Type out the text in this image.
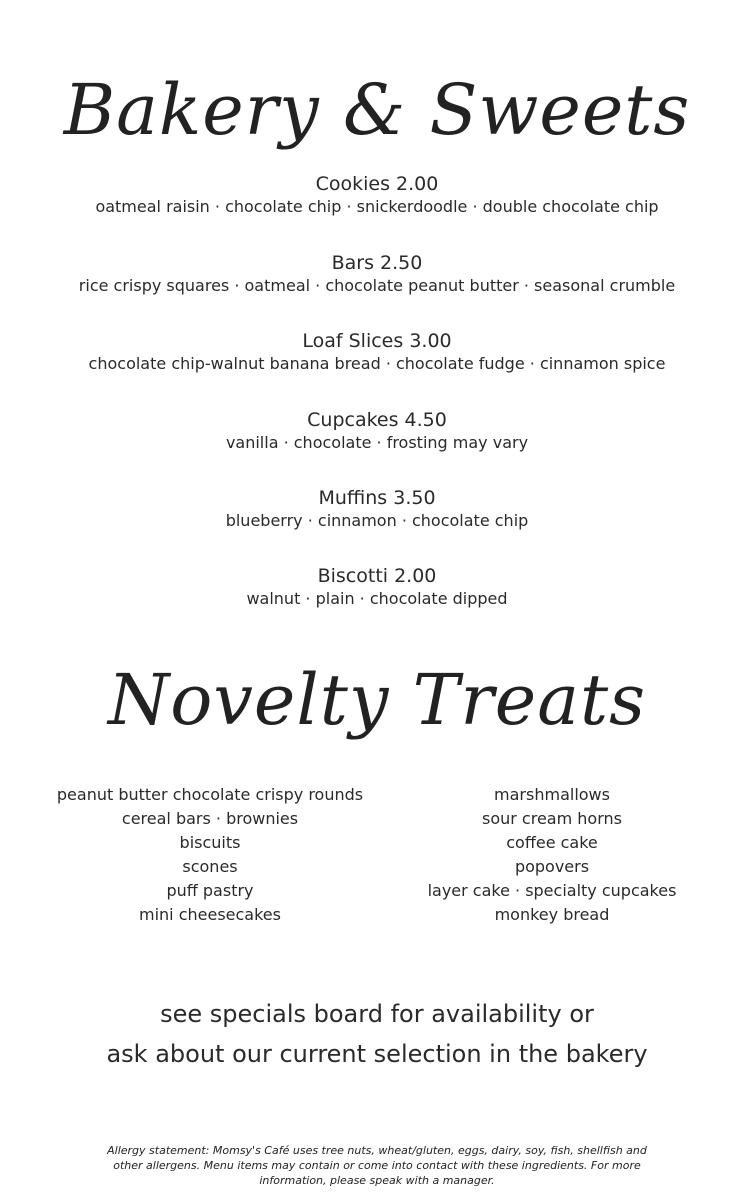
Bakery & Sweets
Cookies 2.00
oatmeal raisin · chocolate chip · snickerdoodle · double chocolate chip
Bars 2.50
rice crispy squares · oatmeal · chocolate peanut butter · seasonal crumble
Loaf Slices 3.00
chocolate chip-walnut banana bread · chocolate fudge · cinnamon spice
Cupcakes 4.50
vanilla · chocolate · frosting may vary
Muffins 3.50
blueberry · cinnamon · chocolate chip
Biscotti 2.00
walnut · plain · chocolate dipped
Novelty Treats
peanut butter chocolate crispy rounds
cereal bars · brownies
biscuits
scones
puff pastry
mini cheesecakes
marshmallows
sour cream horns
coffee cake
popovers
layer cake · specialty cupcakes
monkey bread
see specials board for availability or
ask about our current selection in the bakery
Allergy statement: Momsy's Café uses tree nuts, wheat/gluten, eggs, dairy, soy, fish, shellfish and
other allergens. Menu items may contain or come into contact with these ingredients. For more
information, please speak with a manager.
